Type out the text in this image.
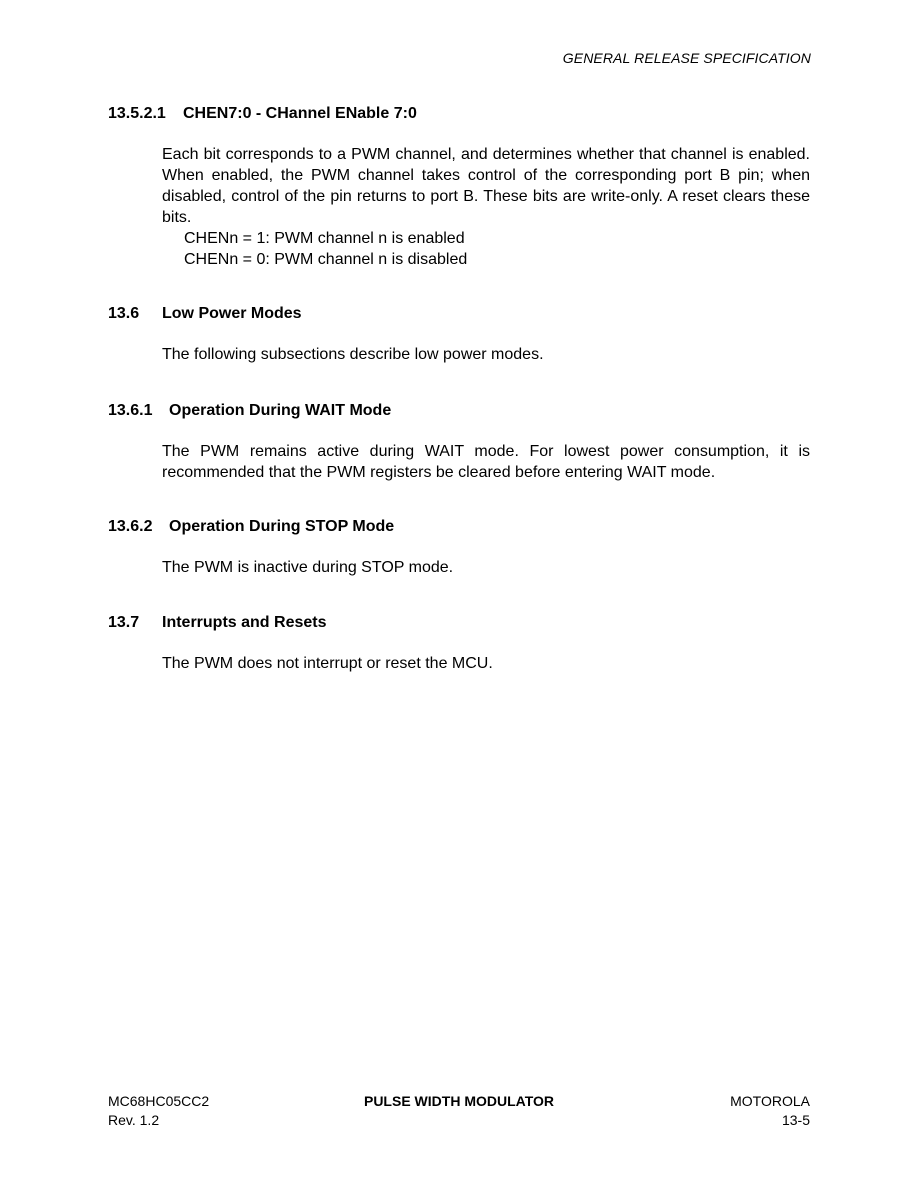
GENERAL RELEASE SPECIFICATION
13.5.2.1 CHEN7:0 - CHannel ENable 7:0
Each bit corresponds to a PWM channel, and determines whether that channel is enabled. When enabled, the PWM channel takes control of the corresponding port B pin; when disabled, control of the pin returns to port B. These bits are write-only. A reset clears these bits.
CHENn = 1: PWM channel n is enabled
CHENn = 0: PWM channel n is disabled
13.6 Low Power Modes

The following subsections describe low power modes.

13.6.1 Operation During WAIT Mode

The PWM remains active during WAIT mode. For lowest power consumption, it is recommended that the PWM registers be cleared before entering WAIT mode.

13.6.2 Operation During STOP Mode

The PWM is inactive during STOP mode.

13.7 Interrupts and Resets

The PWM does not interrupt or reset the MCU.

MC68HC05CC2
Rev. 1.2
PULSE WIDTH MODULATOR	MOTOROLA
13-5
